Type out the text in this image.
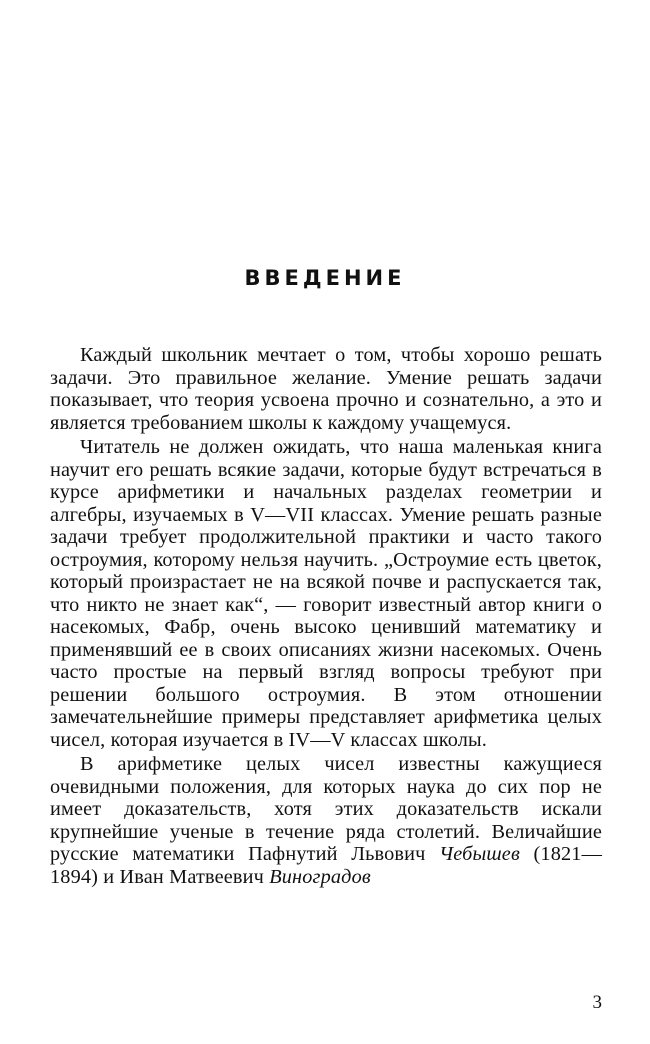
ВВЕДЕНИЕ

Каждый школьник мечтает о том, чтобы хорошо решать задачи. Это правильное желание. Умение решать задачи показывает, что теория усвоена прочно и сознательно, а это и является требованием школы к каждому учащемуся.

Читатель не должен ожидать, что наша маленькая книга научит его решать всякие задачи, которые будут встречаться в курсе арифметики и начальных разделах геометрии и алгебры, изучаемых в V—VII классах. Умение решать разные задачи требует продолжительной практики и часто такого остроумия, которому нельзя научить. „Остроумие есть цветок, который произрастает не на всякой почве и распускается так, что никто не знает как“, — говорит известный автор книги о насекомых, Фабр, очень высоко ценивший математику и применявший ее в своих описаниях жизни насекомых. Очень часто простые на первый взгляд вопросы требуют при решении большого остроумия. В этом отношении замечательнейшие примеры представляет арифметика целых чисел, которая изучается в IV—V классах школы.

В арифметике целых чисел известны кажущиеся очевидными положения, для которых наука до сих пор не имеет доказательств, хотя этих доказательств искали крупнейшие ученые в течение ряда столетий. Величайшие русские математики Пафнутий Львович Чебышев (1821—1894) и Иван Матвеевич Виноградов

3
